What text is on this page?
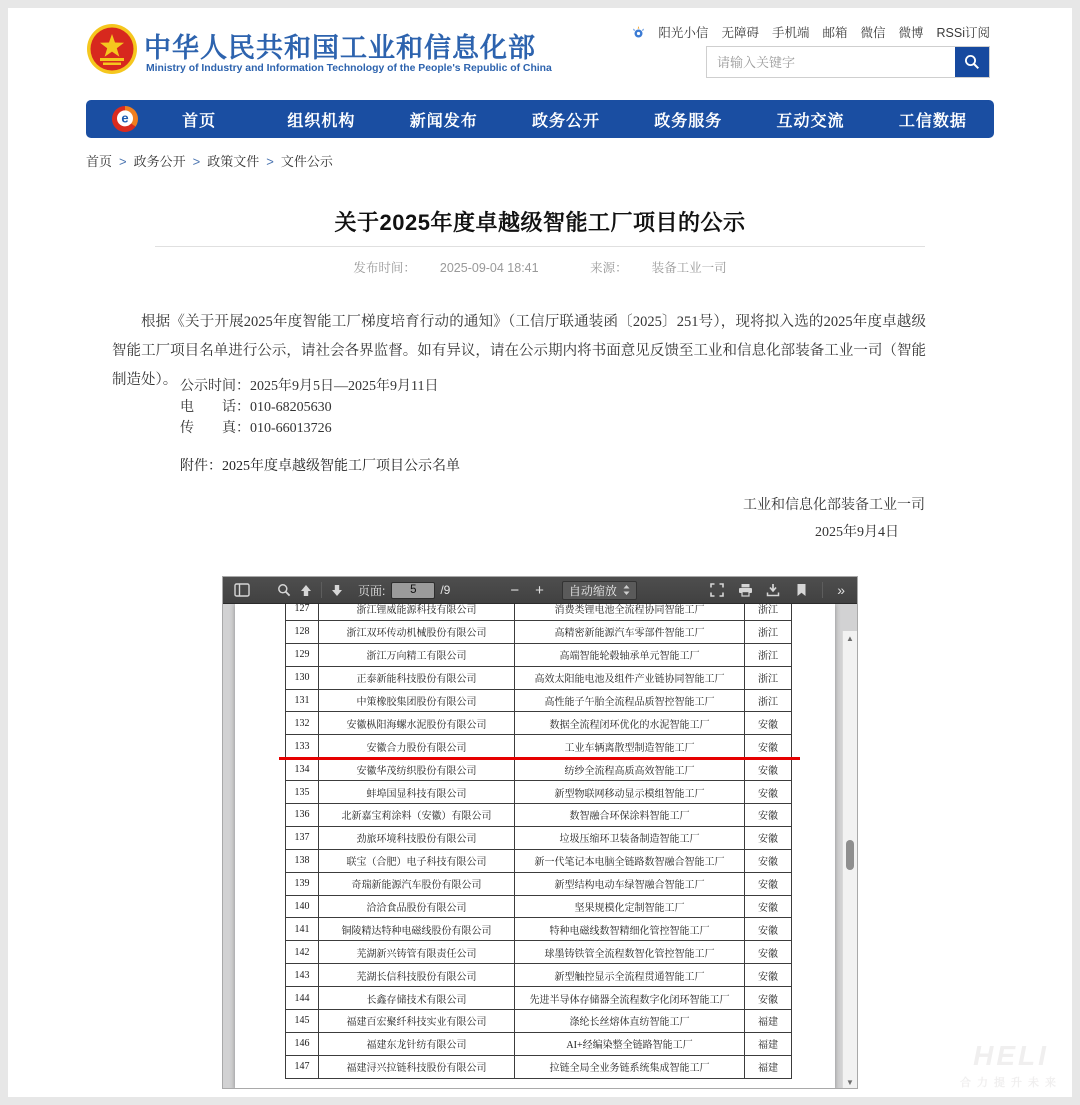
中华人民共和国工业和信息化部
Ministry of Industry and Information Technology of the People's Republic of China
阳光小信 无障碍 手机端 邮箱 微信 微博 RSSi订阅
请输入关键字
e
首页	组织机构	新闻发布	政务公开	政务服务	互动交流	工信数据
首页 >	政务公开 >	政策文件 >	文件公示
关于2025年度卓越级智能工厂项目的公示
发布时间： 2025-09-04 18:41	来源： 装备工业一司
根据《关于开展2025年度智能工厂梯度培育行动的通知》（工信厅联通装函〔2025〕251号），现将拟入选的2025年度卓越级智能工厂项目名单进行公示，请社会各界监督。如有异议，请在公示期内将书面意见反馈至工业和信息化部装备工业一司（智能制造处）。 公示时间：2025年9月5日—2025年9月11日
电　　话：010-68205630
传　　真：010-66013726
附件：2025年度卓越级智能工厂项目公示名单
工业和信息化部装备工业一司
2025年9月4日
页面:
5	/9	−	+	自动缩放	»
127	浙江锂威能源科技有限公司	消费类锂电池全流程协同智能工厂	浙江
128	浙江双环传动机械股份有限公司	高精密新能源汽车零部件智能工厂	浙江
129	浙江万向精工有限公司	高端智能轮毂轴承单元智能工厂	浙江
130	正泰新能科技股份有限公司	高效太阳能电池及组件产业链协同智能工厂	浙江
131	中策橡胶集团股份有限公司	高性能子午胎全流程品质智控智能工厂	浙江
132	安徽枞阳海螺水泥股份有限公司	数据全流程闭环优化的水泥智能工厂	安徽
133	安徽合力股份有限公司	工业车辆离散型制造智能工厂	安徽
134	安徽华茂纺织股份有限公司	纺纱全流程高质高效智能工厂	安徽
135	蚌埠国显科技有限公司	新型物联网移动显示模组智能工厂	安徽
136	北新嘉宝莉涂料（安徽）有限公司	数智融合环保涂料智能工厂	安徽
137	劲旅环境科技股份有限公司	垃圾压缩环卫装备制造智能工厂	安徽
138	联宝（合肥）电子科技有限公司	新一代笔记本电脑全链路数智融合智能工厂	安徽
139	奇瑞新能源汽车股份有限公司	新型结构电动车绿智融合智能工厂	安徽
140	洽洽食品股份有限公司	坚果规模化定制智能工厂	安徽
141	铜陵精达特种电磁线股份有限公司	特种电磁线数智精细化管控智能工厂	安徽
142	芜湖新兴铸管有限责任公司	球墨铸铁管全流程数智化管控智能工厂	安徽
143	芜湖长信科技股份有限公司	新型触控显示全流程贯通智能工厂	安徽
144	长鑫存储技术有限公司	先进半导体存储器全流程数字化闭环智能工厂	安徽
145	福建百宏聚纤科技实业有限公司	涤纶长丝熔体直纺智能工厂	福建
146	福建东龙针纺有限公司	AI+经编染整全链路智能工厂	福建
147	福建浔兴拉链科技股份有限公司	拉链全局全业务链系统集成智能工厂	福建
▲
▼
HELI
合力提升未来
